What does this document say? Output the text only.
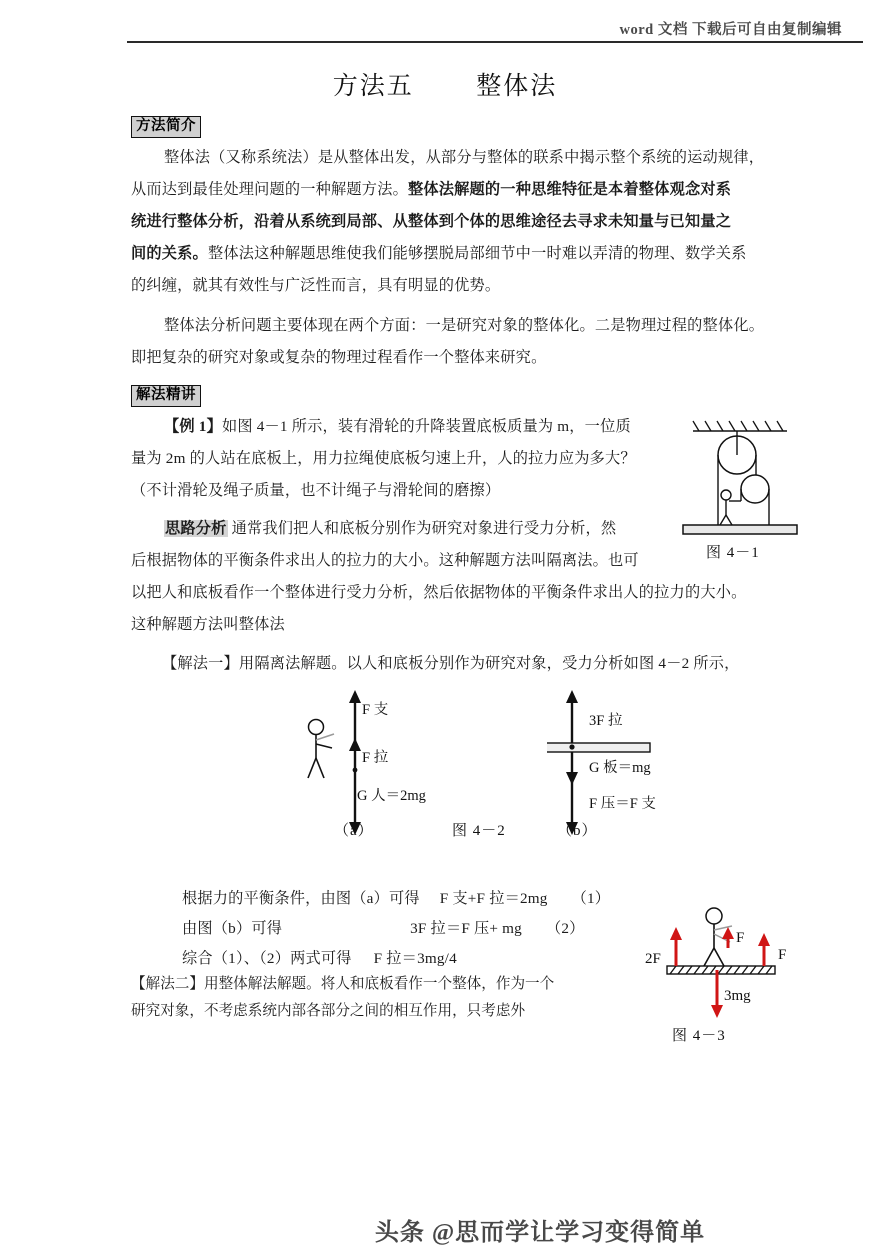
word 文档 下载后可自由复制编辑
方法五	整体法
方法简介
整体法（又称系统法）是从整体出发，从部分与整体的联系中揭示整个系统的运动规律，
从而达到最佳处理问题的一种解题方法。整体法解题的一种思维特征是本着整体观念对系
统进行整体分析，沿着从系统到局部、从整体到个体的思维途径去寻求未知量与已知量之
间的关系。整体法这种解题思维使我们能够摆脱局部细节中一时难以弄清的物理、数学关系
的纠缠，就其有效性与广泛性而言，具有明显的优势。
整体法分析问题主要体现在两个方面：一是研究对象的整体化。二是物理过程的整体化。
即把复杂的研究对象或复杂的物理过程看作一个整体来研究。
解法精讲
【例 1】如图 4－1 所示，装有滑轮的升降装置底板质量为 m，一位质
量为 2m 的人站在底板上，用力拉绳使底板匀速上升，人的拉力应为多大？
（不计滑轮及绳子质量，也不计绳子与滑轮间的磨擦）
思路分析 通常我们把人和底板分别作为研究对象进行受力分析，然
后根据物体的平衡条件求出人的拉力的大小。这种解题方法叫隔离法。也可
以把人和底板看作一个整体进行受力分析，然后依据物体的平衡条件求出人的拉力的大小。
这种解题方法叫整体法
【解法一】用隔离法解题。以人和底板分别作为研究对象，受力分析如图 4－2 所示，
图 4－1
F 支
F 拉
G 人＝2mg
（a）	图 4－2
3F 拉
G 板＝mg
F 压＝F 支
（b）
根据力的平衡条件，由图（a）可得 F 支+F 拉＝2mg （1）
由图（b）可得	3F 拉＝F 压+ mg （2）
综合（1）、（2）两式可得 F 拉＝3mg/4
【解法二】用整体解法解题。将人和底板看作一个整体，作为一个
研究对象，不考虑系统内部各部分之间的相互作用，只考虑外
2F
F
F
3mg
图 4－3
头条 @思而学让学习变得简单
